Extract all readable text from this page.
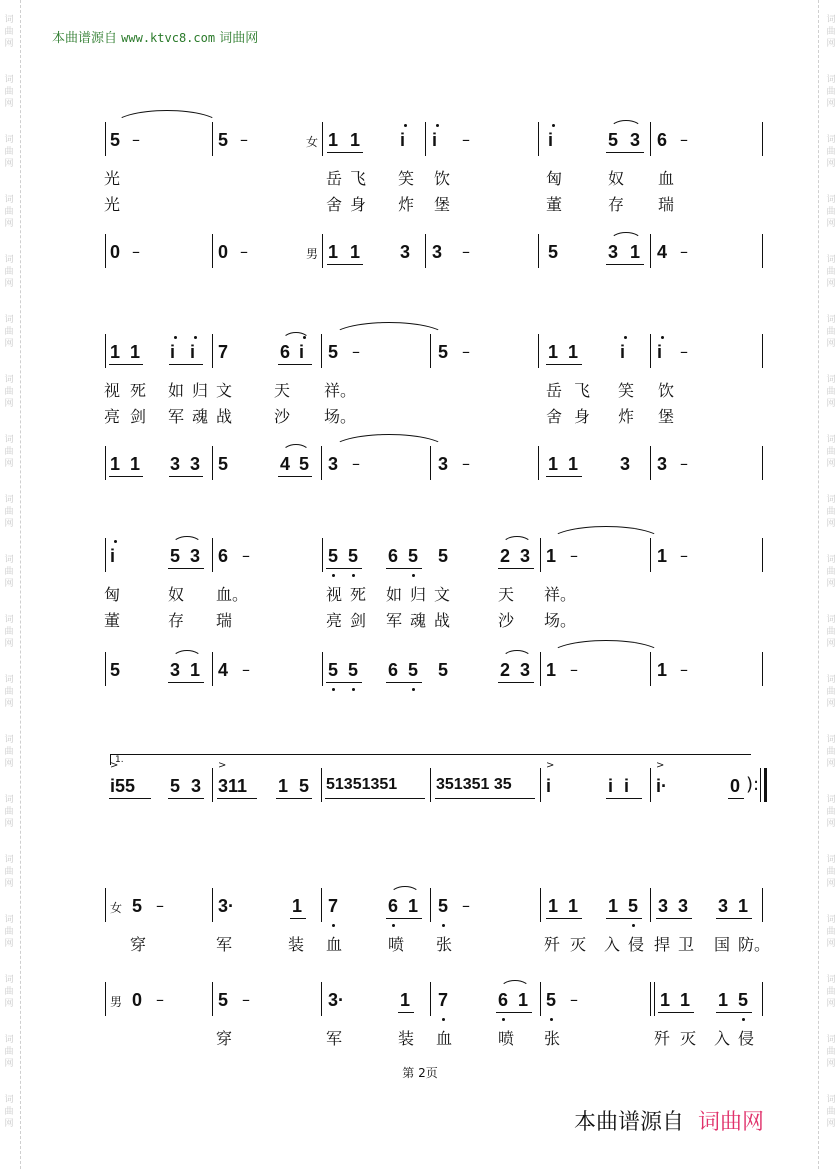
词
曲
网
词
曲
网
词
曲
网
词
曲
网
词
曲
网
词
曲
网
词
曲
网
词
曲
网
词
曲
网
词
曲
网
词
曲
网
词
曲
网
词
曲
网
词
曲
网
词
曲
网
词
曲
网
词
曲
网
词
曲
网
词
曲
网
词
曲
网
词
曲
网
词
曲
网
词
曲
网
词
曲
网
词
曲
网
词
曲
网
词
曲
网
词
曲
网
词
曲
网
词
曲
网
词
曲
网
词
曲
网
词
曲
网
词
曲
网
词
曲
网
词
曲
网
词
曲
网
词
曲
网
本曲谱源自 www.ktvc8.com 词曲网
5 –	5 –	女 1 1 i i –	i	5 3 6 –
光	岳 飞 笑 饮	匈	奴 血
光	舍 身 炸 堡	董	存 瑞
0 –	0 –	男 1 1 3 3 –	5	3 1 4 –
1 1 i i 7	6 i 5 –	5 –	1 1 i i –
视 死 如 归 文	天 祥。	岳 飞 笑 饮
亮 剑 军 魂 战	沙 场。	舍 身 炸 堡
1 1 3 3 5	4 5 3 –	3 –	1 1 3 3 –
i	5 3 6 –	5 5 6 5 5	2 3 1 –	1 –
匈	奴 血。	视 死 如 归 文	天 祥。
董	存 瑞	亮 剑 军 魂 战	沙 场。
5	3 1 4 –	5 5 6 5 5	2 3 1 –	1 –
1.
>
i55 5 3
>
311 1 5 51351351 351351 35
>
i	i i
>
i·	0 ):
女 5 –	3·	1 7	6 1 5 –	1 1 1 5 3 3 3 1
穿	军	装 血	喷 张	歼 灭 入 侵 捍 卫 国 防。
男 0 –	5 –	3·	1 7	6 1 5 –	1 1 1 5
穿	军	装 血	喷 张	歼 灭 入 侵
第 2页
本曲谱源自 词曲网
